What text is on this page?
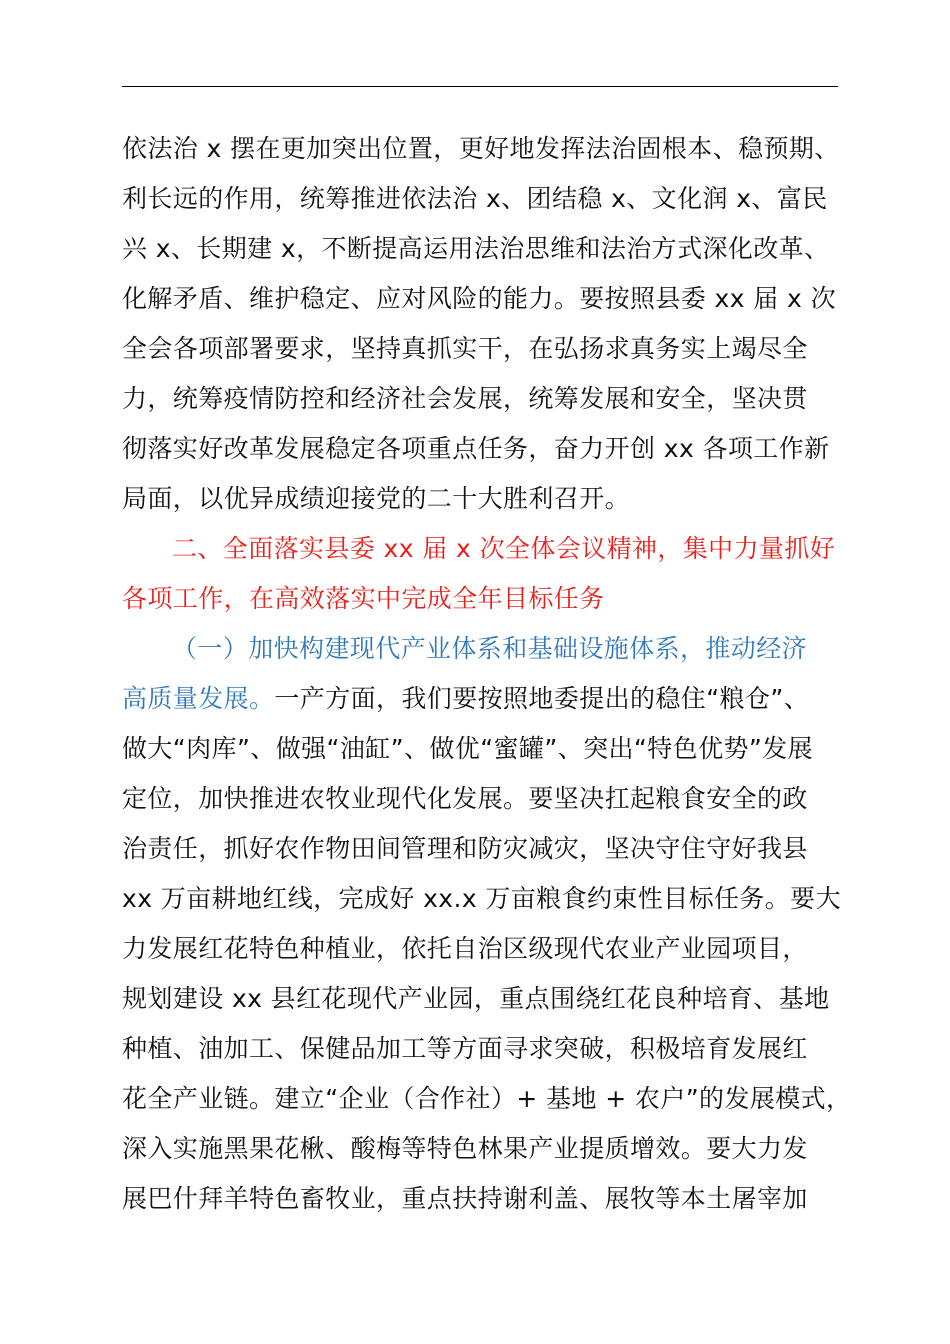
依法治 x 摆在更加突出位置，更好地发挥法治固根本、稳预期、
利长远的作用，统筹推进依法治 x、团结稳 x、文化润 x、富民
兴 x、长期建 x，不断提高运用法治思维和法治方式深化改革、
化解矛盾、维护稳定、应对风险的能力。要按照县委 xx 届 x 次
全会各项部署要求，坚持真抓实干，在弘扬求真务实上竭尽全
力，统筹疫情防控和经济社会发展，统筹发展和安全，坚决贯
彻落实好改革发展稳定各项重点任务，奋力开创 xx 各项工作新
局面，以优异成绩迎接党的二十大胜利召开。
二、全面落实县委 xx 届 x 次全体会议精神，集中力量抓好
各项工作，在高效落实中完成全年目标任务
（一）加快构建现代产业体系和基础设施体系，推动经济
高质量发展。一产方面，我们要按照地委提出的稳住“粮仓”、
做大“肉库”、做强“油缸”、做优“蜜罐”、突出“特色优势”发展
定位，加快推进农牧业现代化发展。要坚决扛起粮食安全的政
治责任，抓好农作物田间管理和防灾减灾，坚决守住守好我县
xx 万亩耕地红线，完成好 xx.x 万亩粮食约束性目标任务。要大
力发展红花特色种植业，依托自治区级现代农业产业园项目，
规划建设 xx 县红花现代产业园，重点围绕红花良种培育、基地
种植、油加工、保健品加工等方面寻求突破，积极培育发展红
花全产业链。建立“企业（合作社）+ 基地 + 农户”的发展模式，
深入实施黑果花楸、酸梅等特色林果产业提质增效。要大力发
展巴什拜羊特色畜牧业，重点扶持谢利盖、展牧等本土屠宰加
